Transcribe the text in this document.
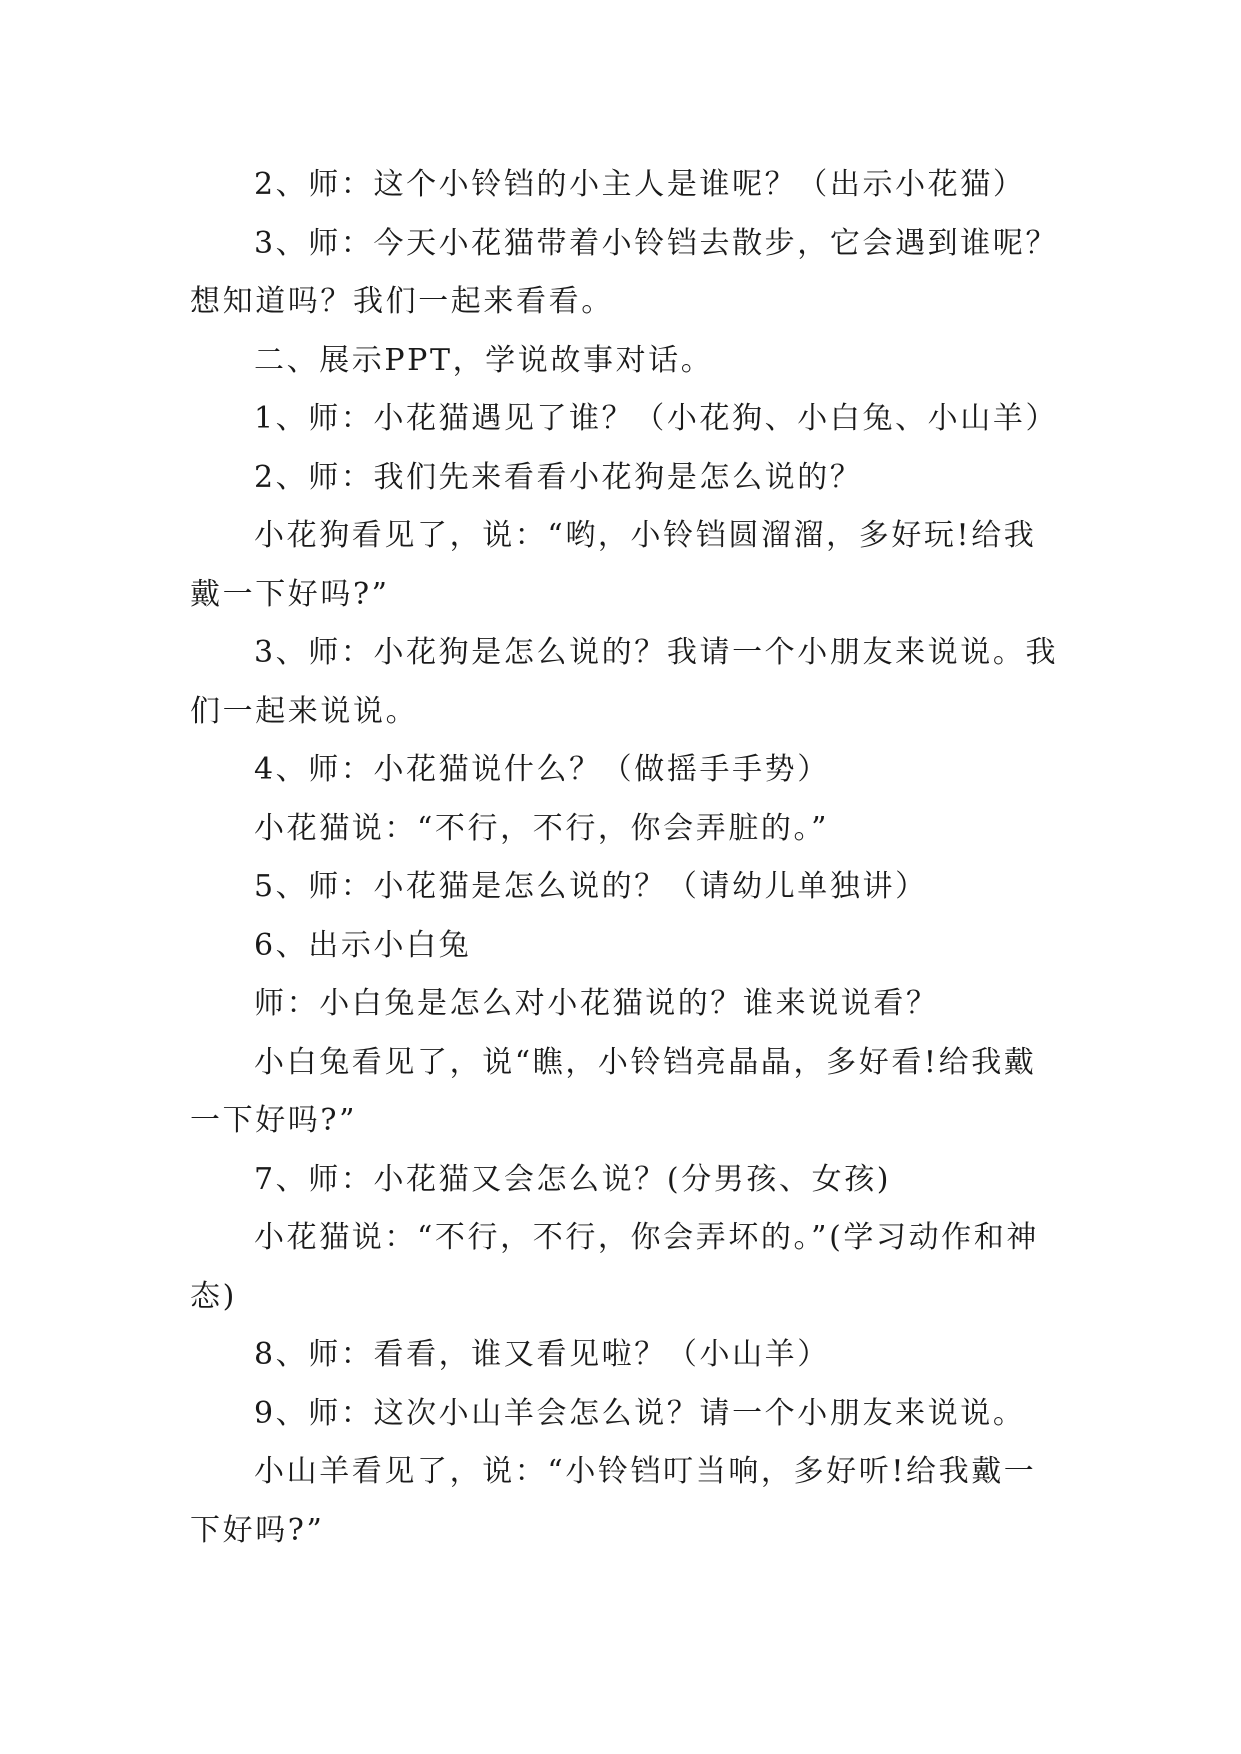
2、师：这个小铃铛的小主人是谁呢？（出示小花猫）

3、师：今天小花猫带着小铃铛去散步，它会遇到谁呢？想知道吗？我们一起来看看。

二、展示PPT，学说故事对话。

1、师：小花猫遇见了谁？（小花狗、小白兔、小山羊）

2、师：我们先来看看小花狗是怎么说的？

小花狗看见了，说：“哟，小铃铛圆溜溜，多好玩!给我戴一下好吗?”

3、师：小花狗是怎么说的？我请一个小朋友来说说。我们一起来说说。

4、师：小花猫说什么？（做摇手手势）

小花猫说：“不行，不行，你会弄脏的。”

5、师：小花猫是怎么说的？（请幼儿单独讲）

6、出示小白兔

师：小白兔是怎么对小花猫说的？谁来说说看？

小白兔看见了，说“瞧，小铃铛亮晶晶，多好看!给我戴一下好吗?”

7、师：小花猫又会怎么说？(分男孩、女孩)

小花猫说：“不行，不行，你会弄坏的。”(学习动作和神态)

8、师：看看，谁又看见啦？（小山羊）

9、师：这次小山羊会怎么说？请一个小朋友来说说。

小山羊看见了，说：“小铃铛叮当响，多好听!给我戴一下好吗?”
